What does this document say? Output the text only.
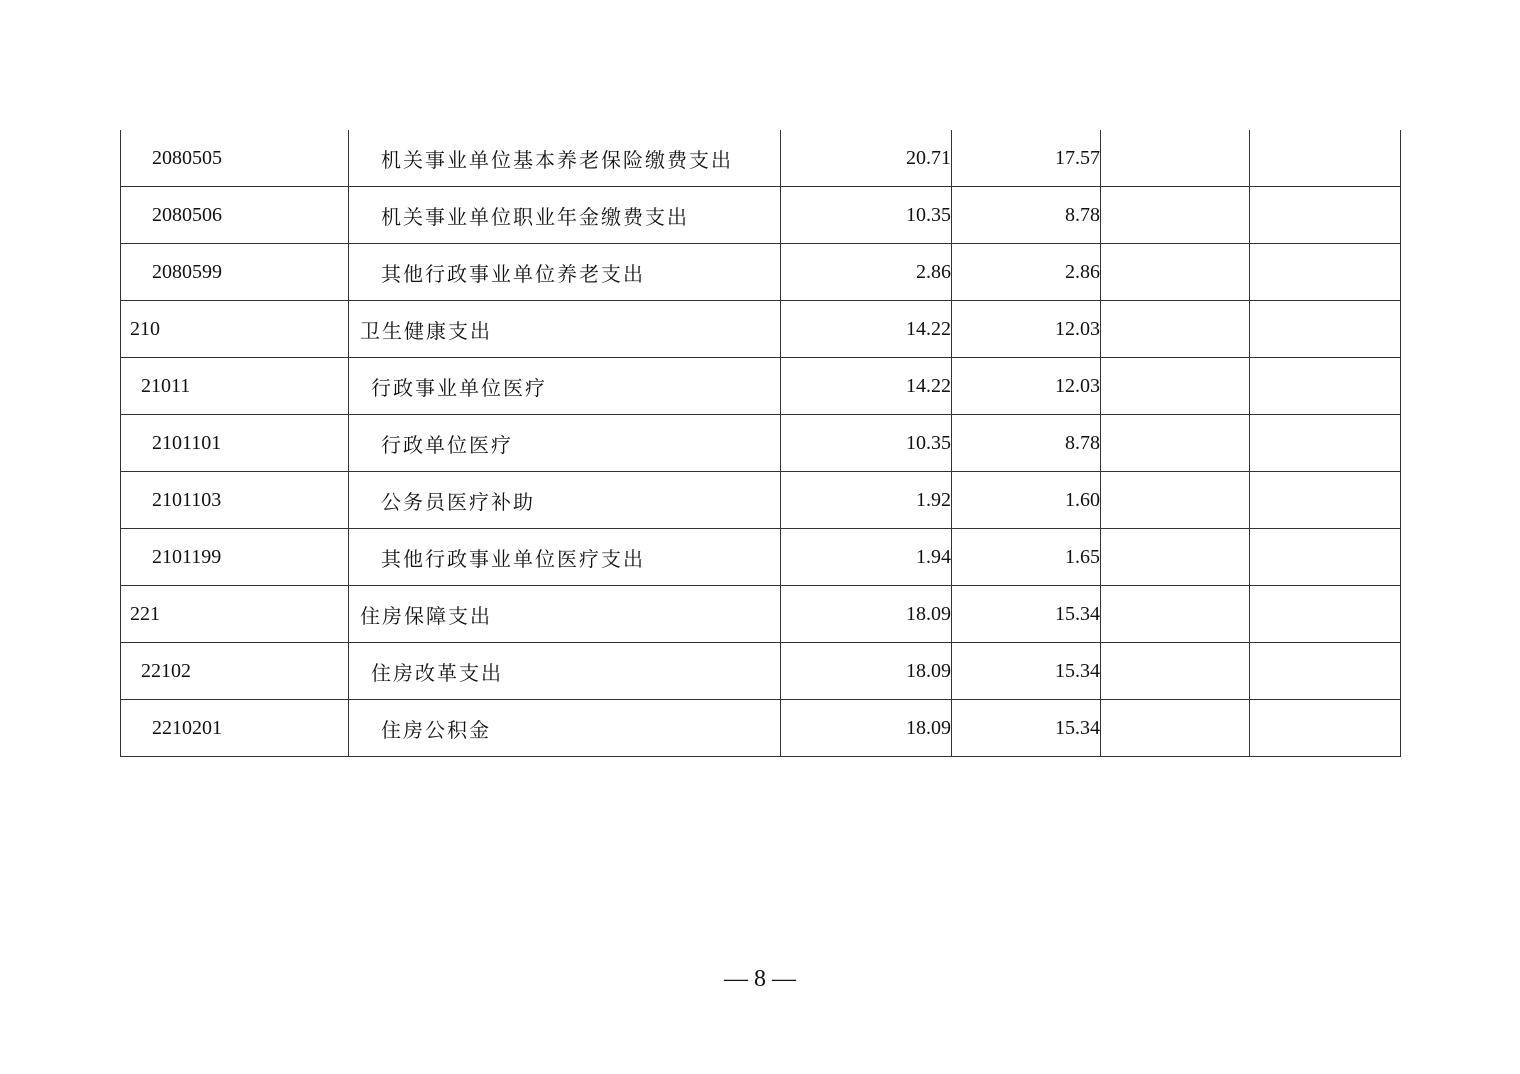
2080505	机关事业单位基本养老保险缴费支出	20.71	17.57		
2080506	机关事业单位职业年金缴费支出	10.35	8.78		
2080599	其他行政事业单位养老支出	2.86	2.86		
210	卫生健康支出	14.22	12.03		
21011	行政事业单位医疗	14.22	12.03		
2101101	行政单位医疗	10.35	8.78		
2101103	公务员医疗补助	1.92	1.60		
2101199	其他行政事业单位医疗支出	1.94	1.65		
221	住房保障支出	18.09	15.34		
22102	住房改革支出	18.09	15.34		
2210201	住房公积金	18.09	15.34		
— 8 —
